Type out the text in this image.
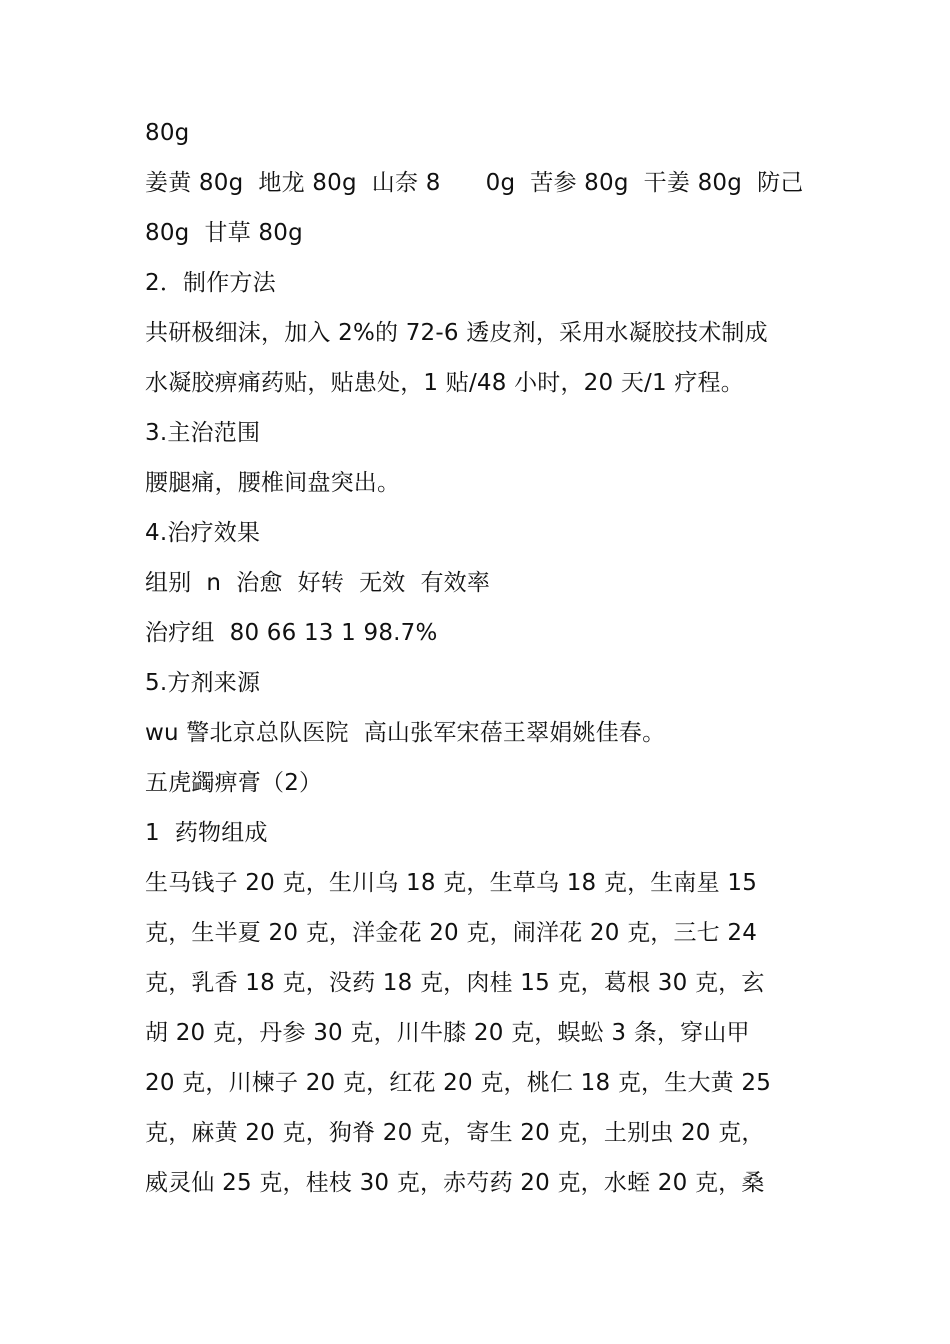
80g
姜黄 80g  地龙 80g  山奈 8      0g  苦参 80g  干姜 80g  防己
80g  甘草 80g
2．制作方法
共研极细沫，加入 2%的 72-6 透皮剂，采用水凝胶技术制成
水凝胶痹痛药贴，贴患处，1 贴/48 小时，20 天/1 疗程。
3.主治范围
腰腿痛，腰椎间盘突出。
4.治疗效果
组别  n  治愈  好转  无效  有效率
治疗组  80 66 13 1 98.7%
5.方剂来源
wu 警北京总队医院  高山张军宋蓓王翠娟姚佳春。
五虎蠲痹膏（2）
1  药物组成
生马钱子 20 克，生川乌 18 克，生草乌 18 克，生南星 15
克，生半夏 20 克，洋金花 20 克，闹洋花 20 克，三七 24
克，乳香 18 克，没药 18 克，肉桂 15 克，葛根 30 克，玄
胡 20 克，丹参 30 克，川牛膝 20 克，蜈蚣 3 条，穿山甲
20 克，川楝子 20 克，红花 20 克，桃仁 18 克，生大黄 25
克，麻黄 20 克，狗脊 20 克，寄生 20 克，土别虫 20 克，
威灵仙 25 克，桂枝 30 克，赤芍药 20 克，水蛭 20 克，桑
